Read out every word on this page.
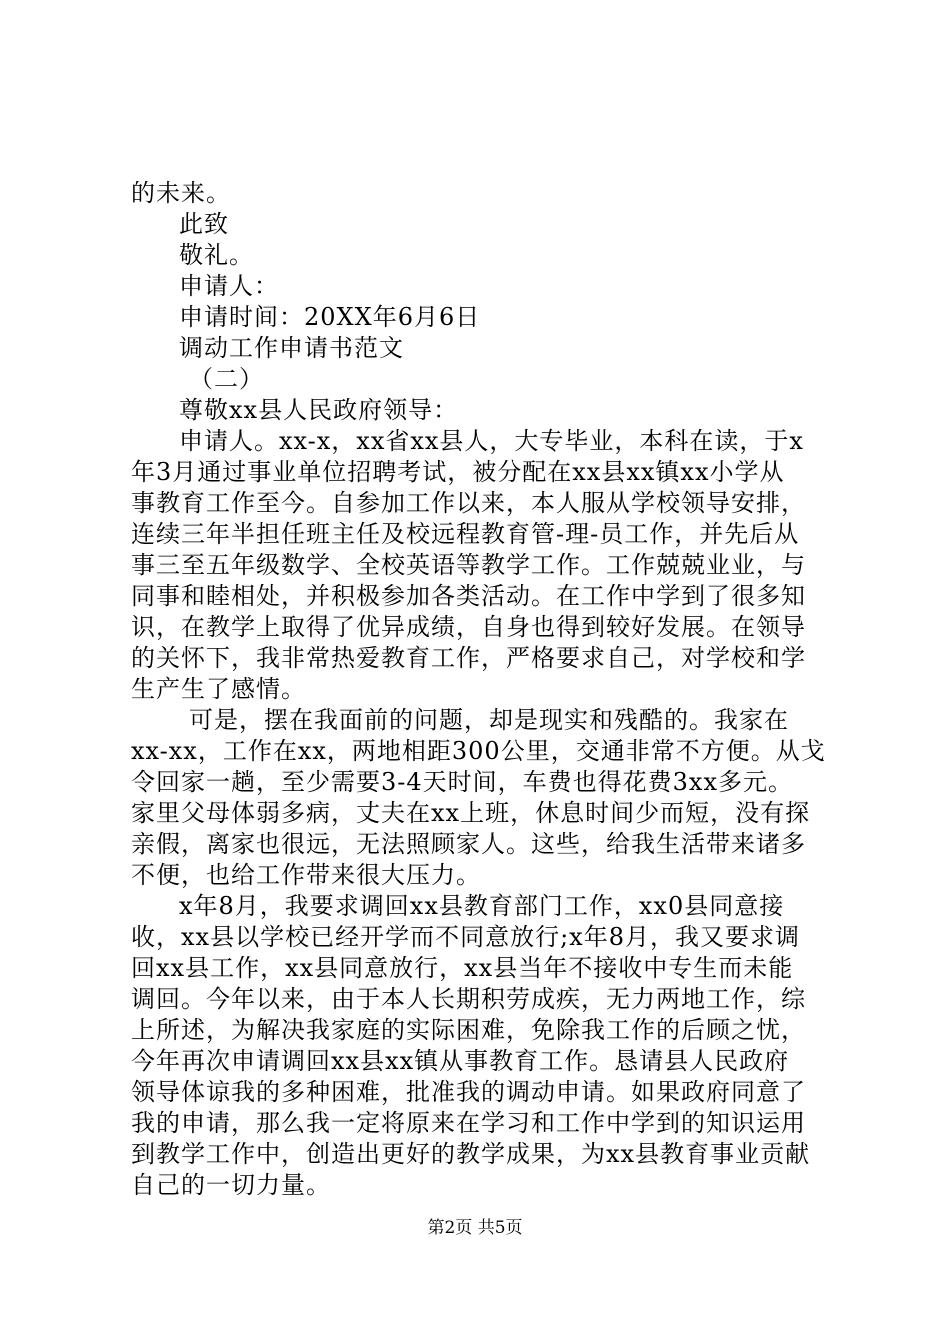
的未来。
此致
敬礼。
申请人：
申请时间：20XX年6月6日
调动工作申请书范文
（二）
尊敬xx县人民政府领导：
申请人。xx-x，xx省xx县人，大专毕业，本科在读，于x
年3月通过事业单位招聘考试，被分配在xx县xx镇xx小学从
事教育工作至今。自参加工作以来，本人服从学校领导安排，
连续三年半担任班主任及校远程教育管-理-员工作，并先后从
事三至五年级数学、全校英语等教学工作。工作兢兢业业，与
同事和睦相处，并积极参加各类活动。在工作中学到了很多知
识，在教学上取得了优异成绩，自身也得到较好发展。在领导
的关怀下，我非常热爱教育工作，严格要求自己，对学校和学
生产生了感情。
可是，摆在我面前的问题，却是现实和残酷的。我家在
xx-xx，工作在xx，两地相距300公里，交通非常不方便。从戈
令回家一趟，至少需要3-4天时间，车费也得花费3xx多元。
家里父母体弱多病，丈夫在xx上班，休息时间少而短，没有探
亲假，离家也很远，无法照顾家人。这些，给我生活带来诸多
不便，也给工作带来很大压力。
x年8月，我要求调回xx县教育部门工作，xx0县同意接
收，xx县以学校已经开学而不同意放行;x年8月，我又要求调
回xx县工作，xx县同意放行，xx县当年不接收中专生而未能
调回。今年以来，由于本人长期积劳成疾，无力两地工作，综
上所述，为解决我家庭的实际困难，免除我工作的后顾之忧，
今年再次申请调回xx县xx镇从事教育工作。恳请县人民政府
领导体谅我的多种困难，批准我的调动申请。如果政府同意了
我的申请，那么我一定将原来在学习和工作中学到的知识运用
到教学工作中，创造出更好的教学成果，为xx县教育事业贡献
自己的一切力量。
第2页 共5页
